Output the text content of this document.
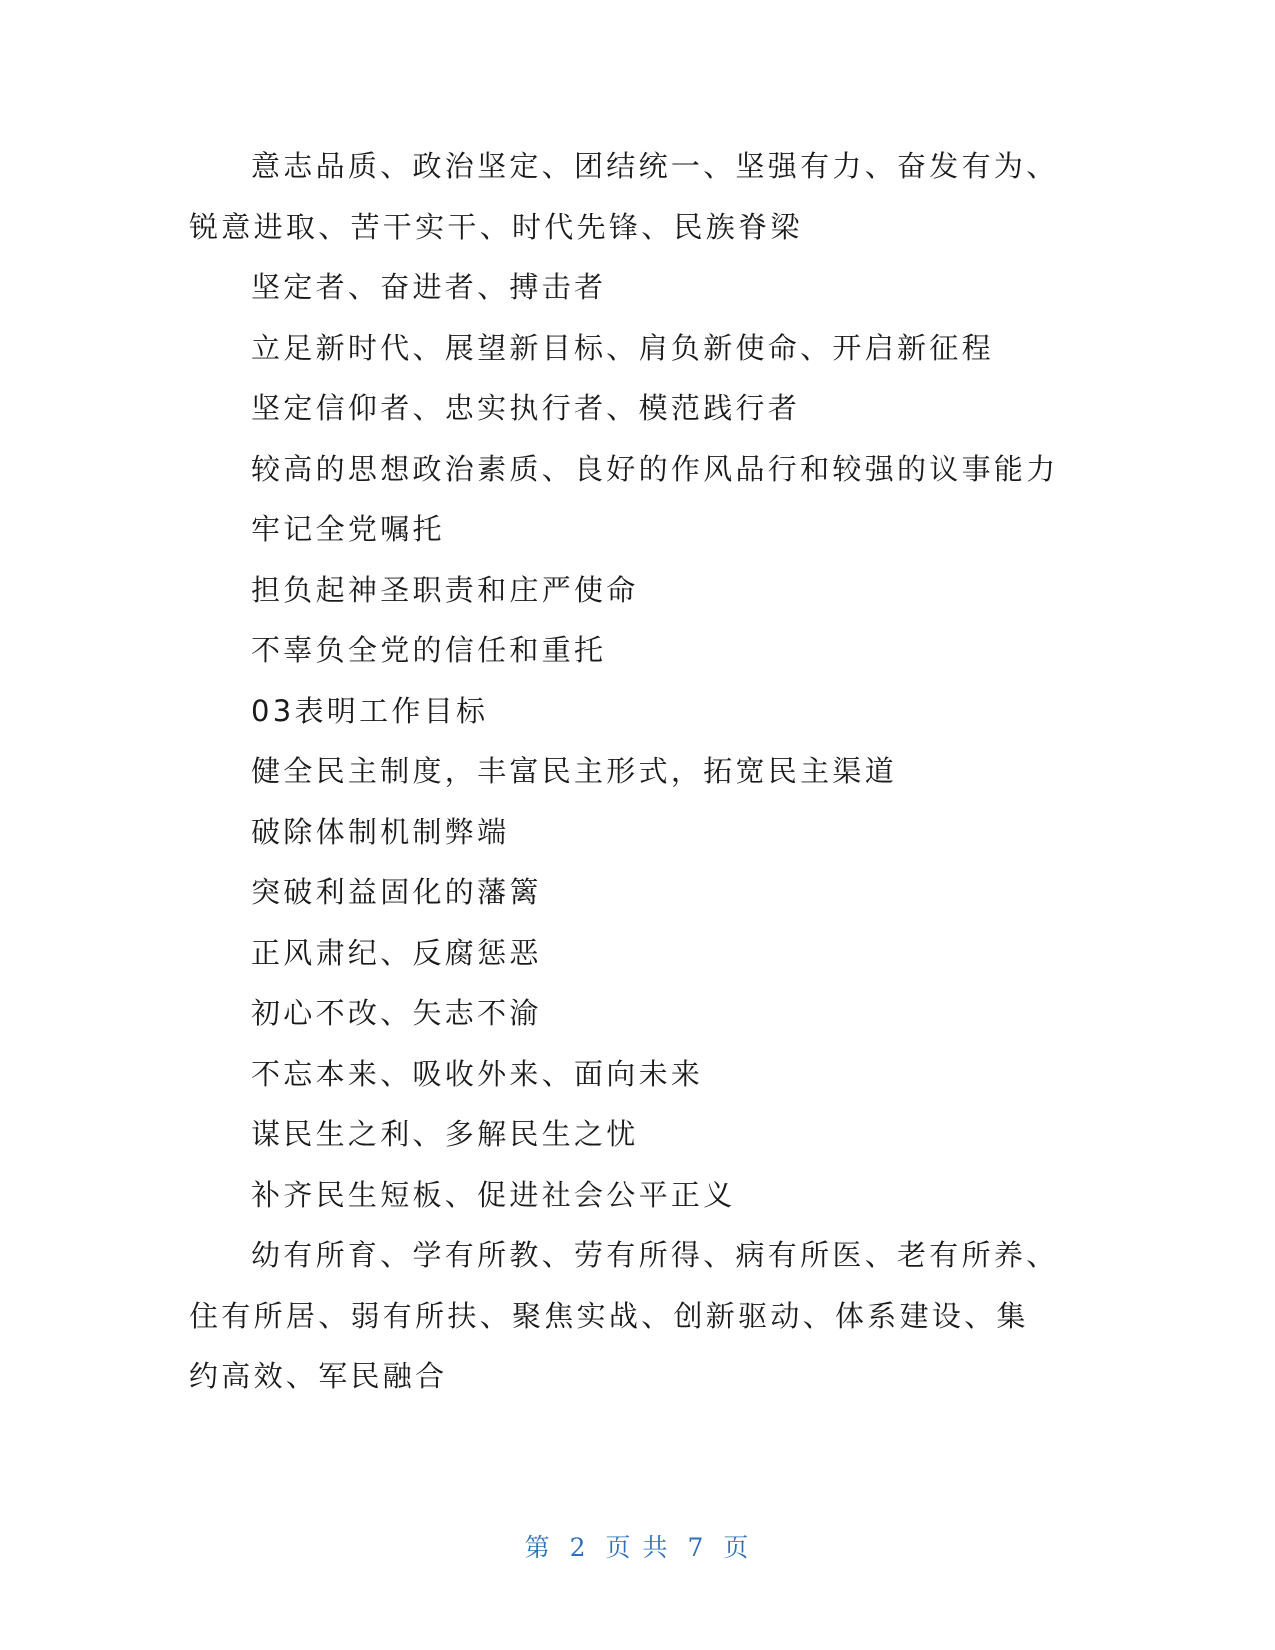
意志品质、政治坚定、团结统一、坚强有力、奋发有为、锐意进取、苦干实干、时代先锋、民族脊梁

坚定者、奋进者、搏击者

立足新时代、展望新目标、肩负新使命、开启新征程

坚定信仰者、忠实执行者、模范践行者

较高的思想政治素质、良好的作风品行和较强的议事能力

牢记全党嘱托

担负起神圣职责和庄严使命

不辜负全党的信任和重托

03表明工作目标

健全民主制度，丰富民主形式，拓宽民主渠道

破除体制机制弊端

突破利益固化的藩篱

正风肃纪、反腐惩恶

初心不改、矢志不渝

不忘本来、吸收外来、面向未来

谋民生之利、多解民生之忧

补齐民生短板、促进社会公平正义

幼有所育、学有所教、劳有所得、病有所医、老有所养、住有所居、弱有所扶、聚焦实战、创新驱动、体系建设、集约高效、军民融合

第 2 页 共 7 页
